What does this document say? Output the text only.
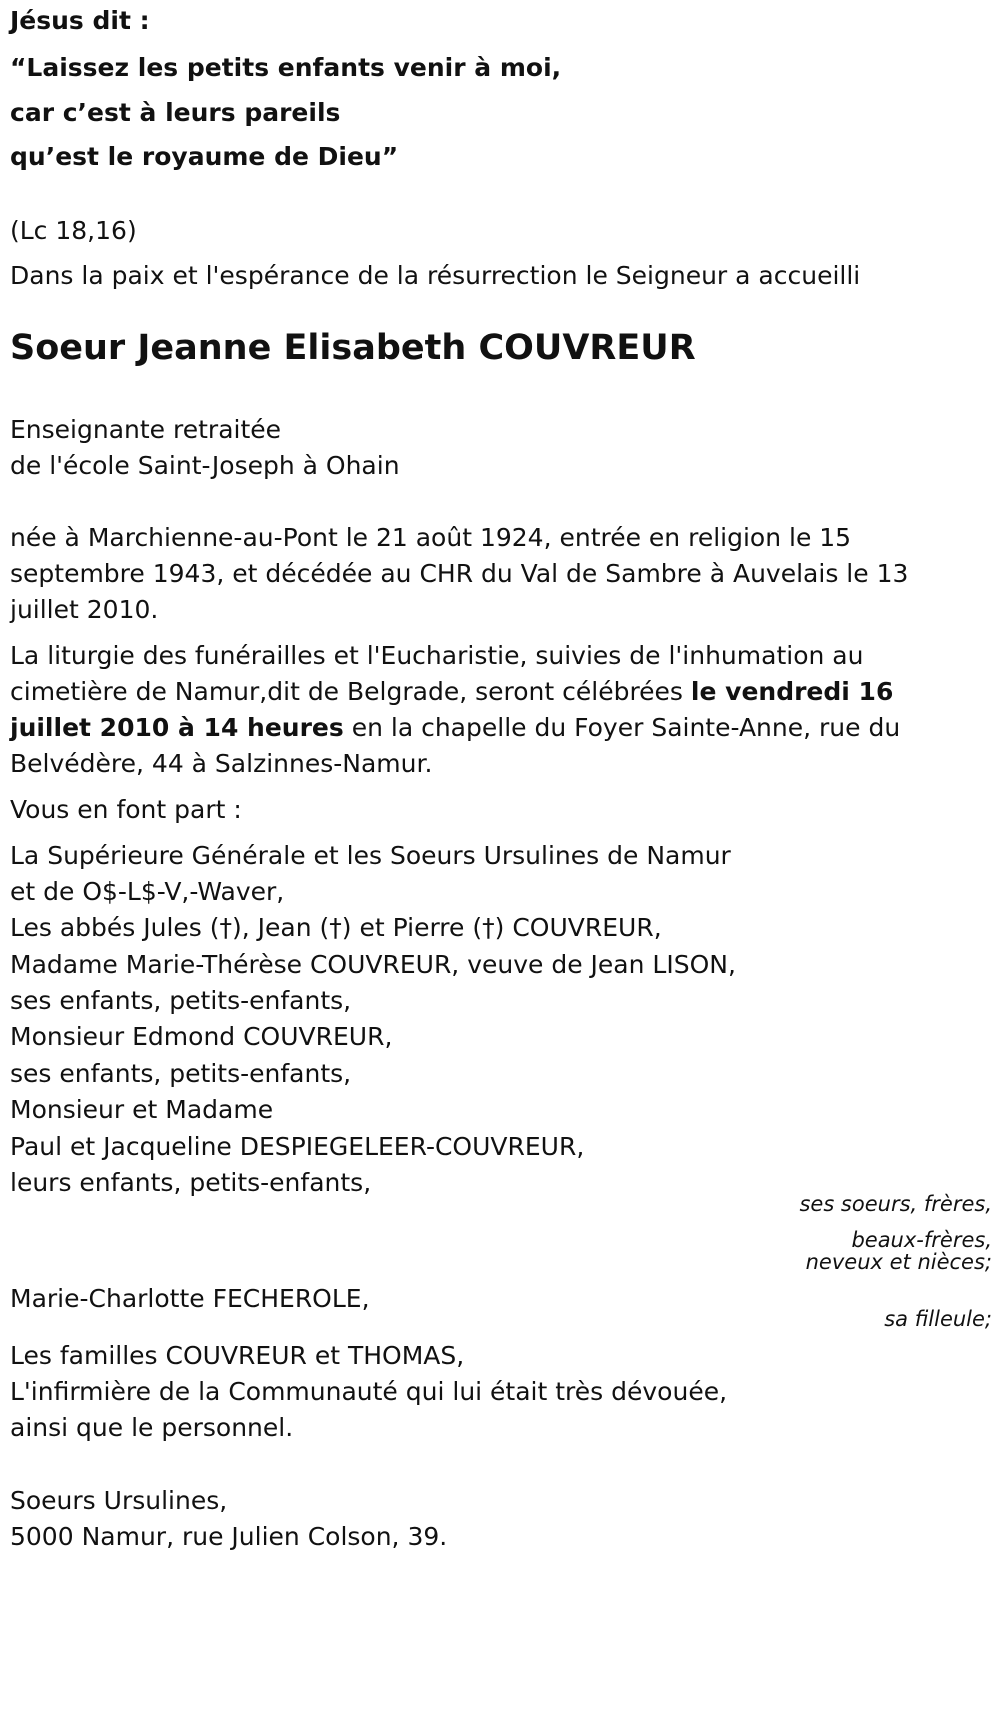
Jésus dit :
“Laissez les petits enfants venir à moi,
car c’est à leurs pareils
qu’est le royaume de Dieu”
(Lc 18,16)
Dans la paix et l'espérance de la résurrection le Seigneur a accueilli
Soeur Jeanne Elisabeth COUVREUR
Enseignante retraitée
de l'école Saint-Joseph à Ohain
née à Marchienne-au-Pont le 21 août 1924, entrée en religion le 15 septembre 1943, et décédée au CHR du Val de Sambre à Auvelais le 13 juillet 2010.
La liturgie des funérailles et l'Eucharistie, suivies de l'inhumation au cimetière de Namur,dit de Belgrade, seront célébrées le vendredi 16 juillet 2010 à 14 heures en la chapelle du Foyer Sainte-Anne, rue du Belvédère, 44 à Salzinnes-Namur.
Vous en font part :
La Supérieure Générale et les Soeurs Ursulines de Namur
et de O$-L$-V,-Waver,
Les abbés Jules (†), Jean (†) et Pierre (†) COUVREUR,
Madame Marie-Thérèse COUVREUR, veuve de Jean LISON,
ses enfants, petits-enfants,
Monsieur Edmond COUVREUR,
ses enfants, petits-enfants,
Monsieur et Madame
Paul et Jacqueline DESPIEGELEER-COUVREUR,
leurs enfants, petits-enfants,
ses soeurs, frères,
beaux-frères,
neveux et nièces;
Marie-Charlotte FECHEROLE,
sa filleule;
Les familles COUVREUR et THOMAS,
L'infirmière de la Communauté qui lui était très dévouée,
ainsi que le personnel.
Soeurs Ursulines,
5000 Namur, rue Julien Colson, 39.
